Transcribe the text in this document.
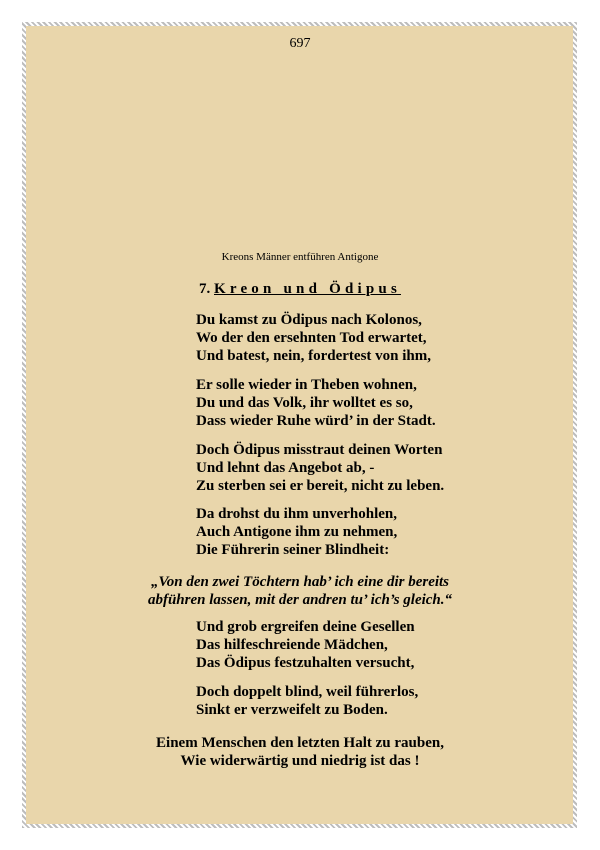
697
Kreons Männer entführen Antigone
7. Kreon und Ödipus
Du kamst zu Ödipus nach Kolonos,
Wo der den ersehnten Tod erwartet,
Und batest, nein, fordertest von ihm,
Er solle wieder in Theben wohnen,
Du und das Volk, ihr wolltet es so,
Dass wieder Ruhe würd’ in der Stadt.
Doch Ödipus misstraut deinen Worten
Und lehnt das Angebot ab, -
Zu sterben sei er bereit, nicht zu leben.
Da drohst du ihm unverhohlen,
Auch Antigone ihm zu nehmen,
Die Führerin seiner Blindheit:
„Von den zwei Töchtern hab’ ich eine dir bereits
abführen lassen, mit der andren tu’ ich’s gleich.“
Und grob ergreifen deine Gesellen
Das hilfeschreiende Mädchen,
Das Ödipus festzuhalten versucht,
Doch doppelt blind, weil führerlos,
Sinkt er verzweifelt zu Boden.
Einem Menschen den letzten Halt zu rauben,
Wie widerwärtig und niedrig ist das !
